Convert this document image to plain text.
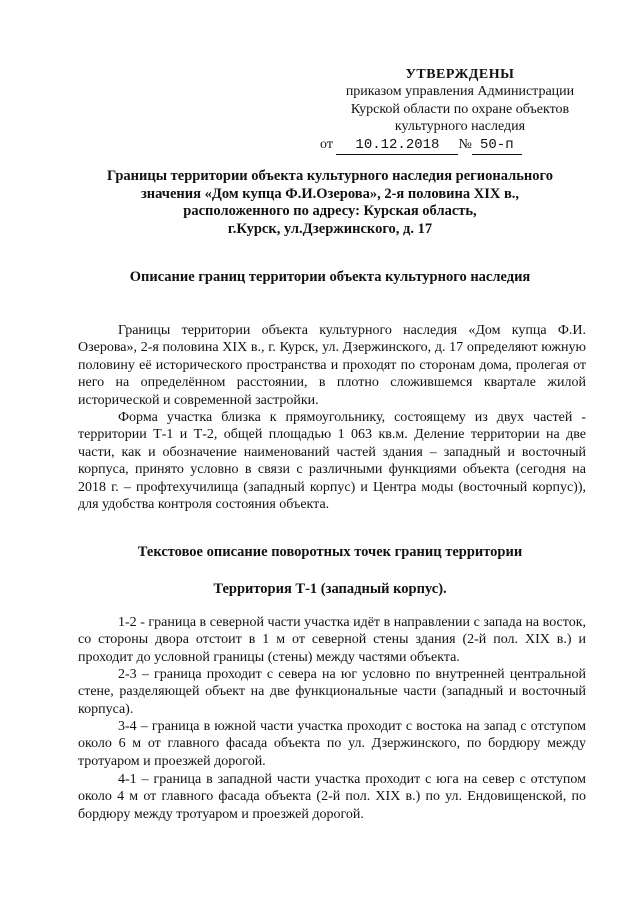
УТВЕРЖДЕНЫ
приказом управления Администрации
Курской области по охране объектов
культурного наследия
от 10.12.2018 № 50-п
Границы территории объекта культурного наследия регионального
значения «Дом купца Ф.И.Озерова», 2-я половина XIX в.,
расположенного по адресу: Курская область,
г.Курск, ул.Дзержинского, д. 17
Описание границ территории объекта культурного наследия

Границы территории объекта культурного наследия «Дом купца Ф.И. Озерова», 2-я половина XIX в., г. Курск, ул. Дзержинского, д. 17 определяют южную половину её исторического пространства и проходят по сторонам дома, пролегая от него на определённом расстоянии, в плотно сложившемся квартале жилой исторической и современной застройки.

Форма участка близка к прямоугольнику, состоящему из двух частей - территории Т-1 и Т-2, общей площадью 1 063 кв.м. Деление территории на две части, как и обозначение наименований частей здания – западный и восточный корпуса, принято условно в связи с различными функциями объекта (сегодня на 2018 г. – профтехучилища (западный корпус) и Центра моды (восточный корпус)), для удобства контроля состояния объекта.

Текстовое описание поворотных точек границ территории
Территория Т-1 (западный корпус).

1-2 - граница в северной части участка идёт в направлении с запада на восток, со стороны двора отстоит в 1 м от северной стены здания (2-й пол. XIX в.) и проходит до условной границы (стены) между частями объекта.

2-3 – граница проходит с севера на юг условно по внутренней центральной стене, разделяющей объект на две функциональные части (западный и восточный корпуса).

3-4 – граница в южной части участка проходит с востока на запад с отступом около 6 м от главного фасада объекта по ул. Дзержинского, по бордюру между тротуаром и проезжей дорогой.

4-1 – граница в западной части участка проходит с юга на север с отступом около 4 м от главного фасада объекта (2-й пол. XIX в.) по ул. Ендовищенской, по бордюру между тротуаром и проезжей дорогой.
